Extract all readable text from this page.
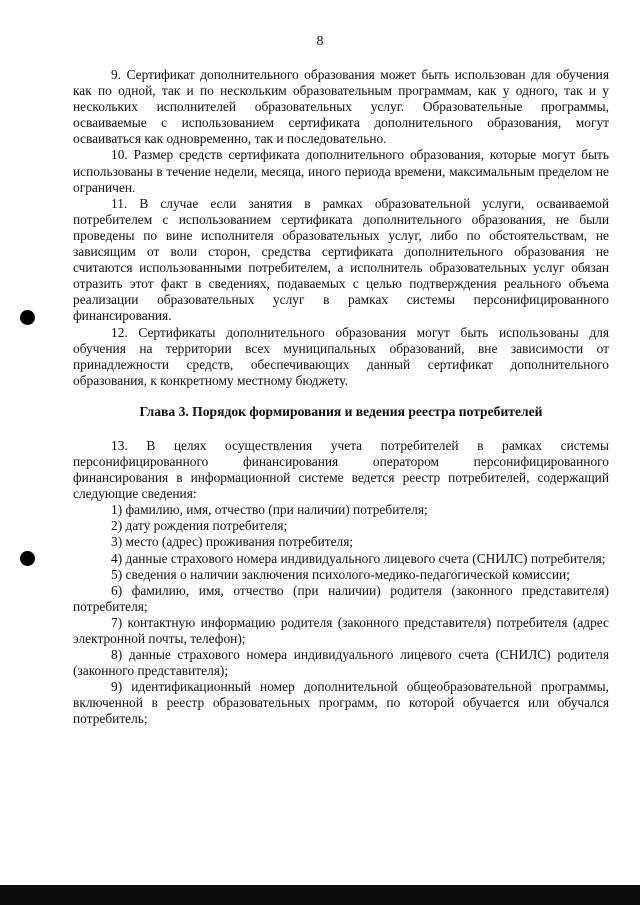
8

9. Сертификат дополнительного образования может быть использован для обучения как по одной, так и по нескольким образовательным программам, как у одного, так и у нескольких исполнителей образовательных услуг. Образовательные программы, осваиваемые с использованием сертификата дополнительного образования, могут осваиваться как одновременно, так и последовательно.

10. Размер средств сертификата дополнительного образования, которые могут быть использованы в течение недели, месяца, иного периода времени, максимальным пределом не ограничен.

11. В случае если занятия в рамках образовательной услуги, осваиваемой потребителем с использованием сертификата дополнительного образования, не были проведены по вине исполнителя образовательных услуг, либо по обстоятельствам, не зависящим от воли сторон, средства сертификата дополнительного образования не считаются использованными потребителем, а исполнитель образовательных услуг обязан отразить этот факт в сведениях, подаваемых с целью подтверждения реального объема реализации образовательных услуг в рамках системы персонифицированного финансирования.

12. Сертификаты дополнительного образования могут быть использованы для обучения на территории всех муниципальных образований, вне зависимости от принадлежности средств, обеспечивающих данный сертификат дополнительного образования, к конкретному местному бюджету.

Глава 3. Порядок формирования и ведения реестра потребителей

13. В целях осуществления учета потребителей в рамках системы персонифицированного финансирования оператором персонифицированного финансирования в информационной системе ведется реестр потребителей, содержащий следующие сведения:

1) фамилию, имя, отчество (при наличии) потребителя;

2) дату рождения потребителя;

3) место (адрес) проживания потребителя;

4) данные страхового номера индивидуального лицевого счета (СНИЛС) потребителя;

5) сведения о наличии заключения психолого-медико-педагогической комиссии;

6) фамилию, имя, отчество (при наличии) родителя (законного представителя) потребителя;

7) контактную информацию родителя (законного представителя) потребителя (адрес электронной почты, телефон);

8) данные страхового номера индивидуального лицевого счета (СНИЛС) родителя (законного представителя);

9) идентификационный номер дополнительной общеобразовательной программы, включенной в реестр образовательных программ, по которой обучается или обучался потребитель;
